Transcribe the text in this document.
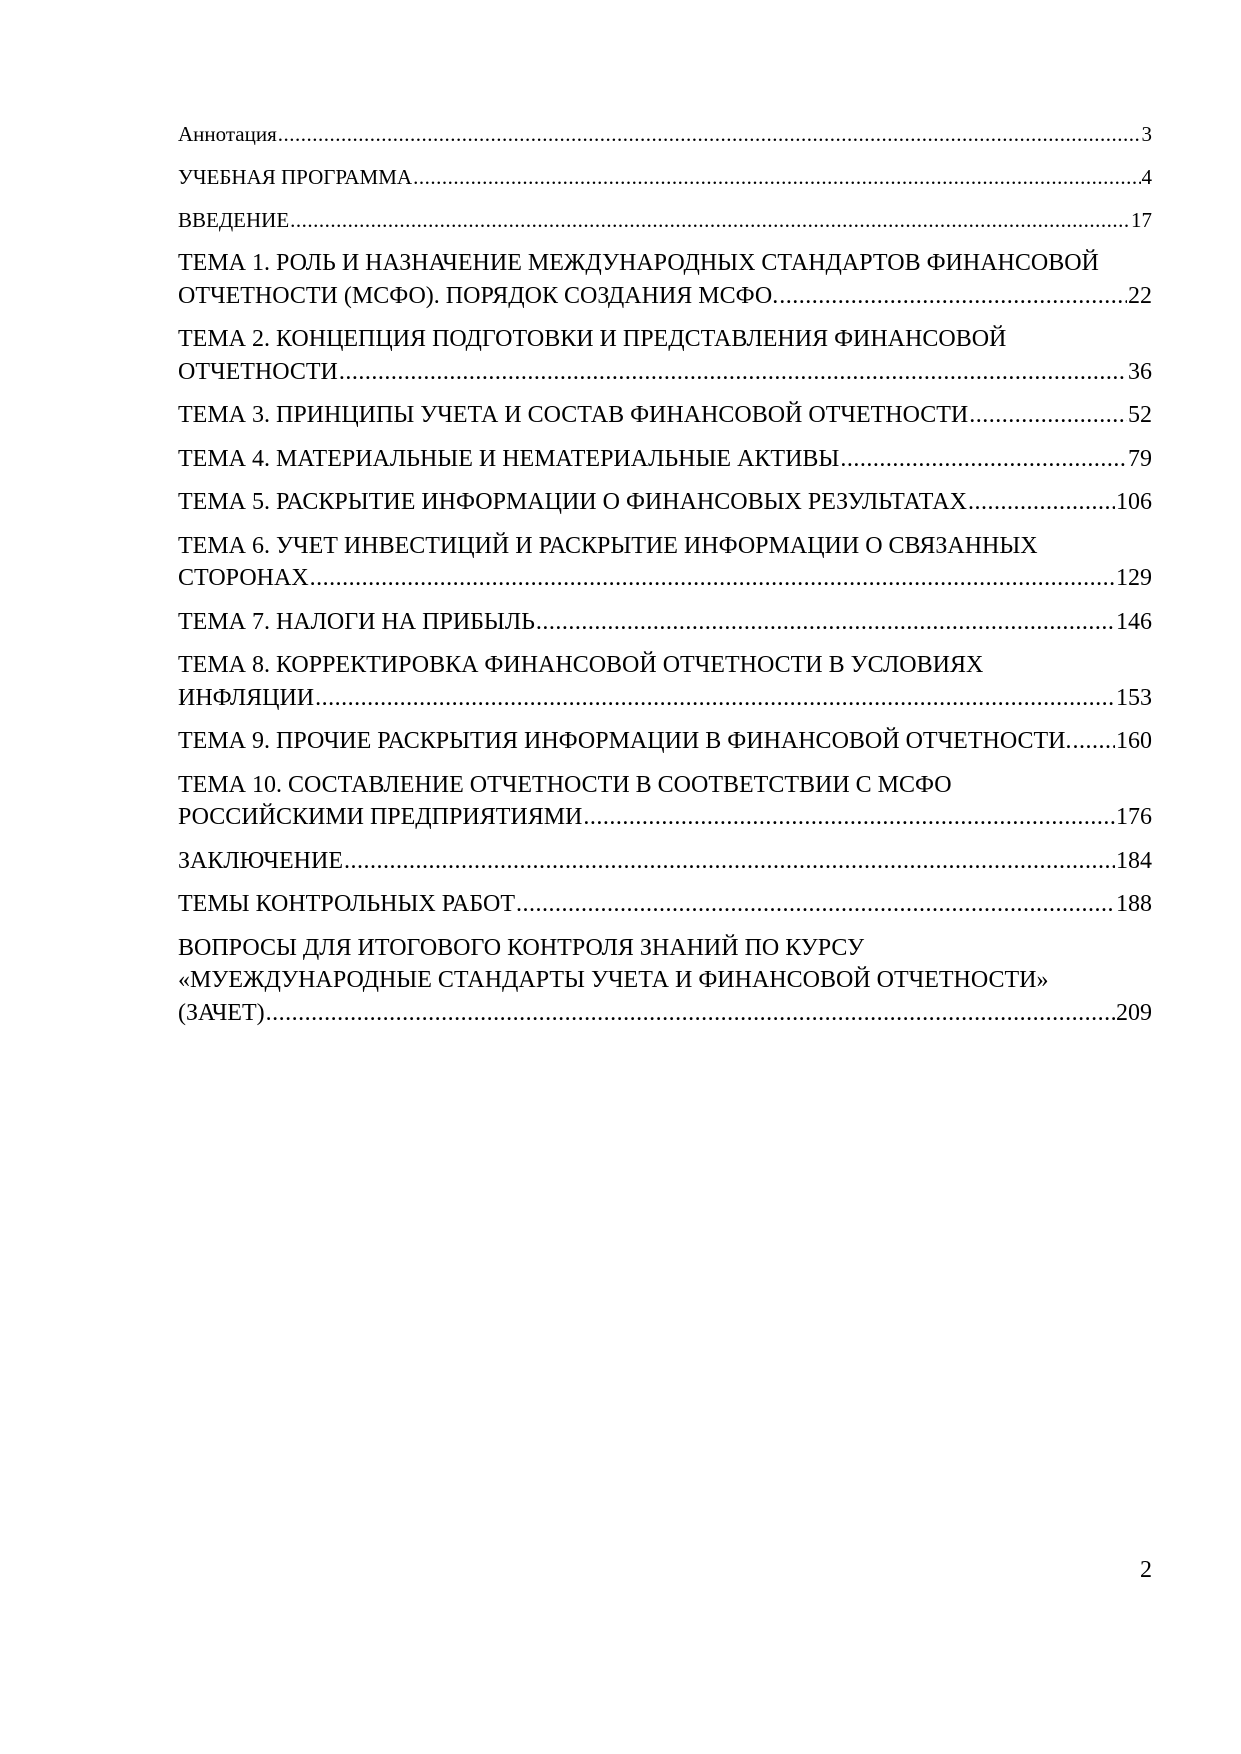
Аннотация .....	3
УЧЕБНАЯ ПРОГРАММА .....	4
ВВЕДЕНИЕ .....	17
ТЕМА 1. РОЛЬ И НАЗНАЧЕНИЕ МЕЖДУНАРОДНЫХ СТАНДАРТОВ ФИНАНСОВОЙ
ОТЧЕТНОСТИ (МСФО). ПОРЯДОК СОЗДАНИЯ МСФО. .....	22
ТЕМА 2. КОНЦЕПЦИЯ ПОДГОТОВКИ И ПРЕДСТАВЛЕНИЯ ФИНАНСОВОЙ
ОТЧЕТНОСТИ .....	36
ТЕМА 3. ПРИНЦИПЫ УЧЕТА И СОСТАВ ФИНАНСОВОЙ ОТЧЕТНОСТИ .....	52
ТЕМА 4. МАТЕРИАЛЬНЫЕ И НЕМАТЕРИАЛЬНЫЕ АКТИВЫ .....	79
ТЕМА 5. РАСКРЫТИЕ ИНФОРМАЦИИ О ФИНАНСОВЫХ РЕЗУЛЬТАТАХ .....	106
ТЕМА 6. УЧЕТ ИНВЕСТИЦИЙ И РАСКРЫТИЕ ИНФОРМАЦИИ О СВЯЗАННЫХ
СТОРОНАХ .....	129
ТЕМА 7. НАЛОГИ НА ПРИБЫЛЬ .....	146
ТЕМА 8. КОРРЕКТИРОВКА ФИНАНСОВОЙ ОТЧЕТНОСТИ В УСЛОВИЯХ
ИНФЛЯЦИИ .....	153
ТЕМА 9. ПРОЧИЕ РАСКРЫТИЯ ИНФОРМАЦИИ В ФИНАНСОВОЙ ОТЧЕТНОСТИ. ..... 160
ТЕМА 10. СОСТАВЛЕНИЕ ОТЧЕТНОСТИ В СООТВЕТСТВИИ С МСФО
РОССИЙСКИМИ ПРЕДПРИЯТИЯМИ .....	176
ЗАКЛЮЧЕНИЕ .....	184
ТЕМЫ КОНТРОЛЬНЫХ РАБОТ .....	188
ВОПРОСЫ ДЛЯ ИТОГОВОГО КОНТРОЛЯ ЗНАНИЙ ПО КУРСУ
«МУЕЖДУНАРОДНЫЕ СТАНДАРТЫ УЧЕТА И ФИНАНСОВОЙ ОТЧЕТНОСТИ»
(ЗАЧЕТ) .....	209
2
